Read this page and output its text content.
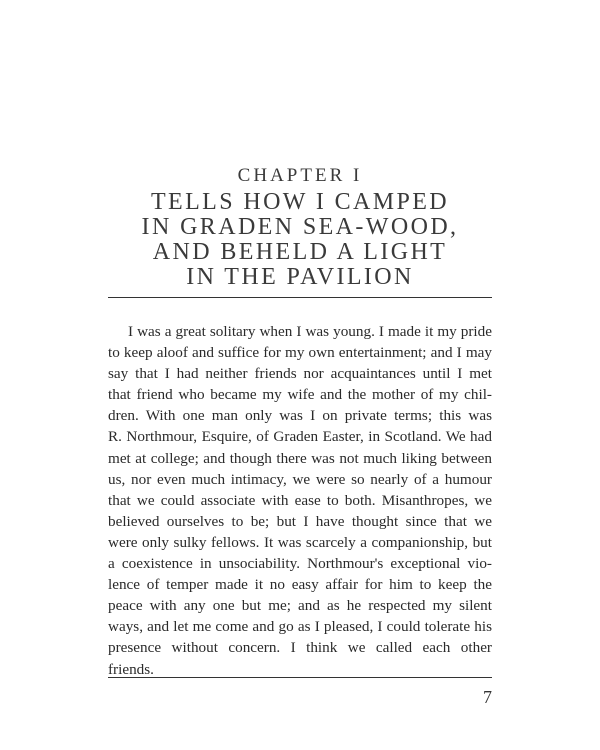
CHAPTER I
TELLS HOW I CAMPED
IN GRADEN SEA-WOOD,
AND BEHELD A LIGHT
IN THE PAVILION
I was a great solitary when I was young. I made it my pride
to keep aloof and suffice for my own entertainment; and I may
say that I had neither friends nor acquaintances until I met
that friend who became my wife and the mother of my chil-
dren. With one man only was I on private terms; this was
R. Northmour, Esquire, of Graden Easter, in Scotland. We had
met at college; and though there was not much liking between
us, nor even much intimacy, we were so nearly of a humour
that we could associate with ease to both. Misanthropes, we
believed ourselves to be; but I have thought since that we
were only sulky fellows. It was scarcely a companionship, but
a coexistence in unsociability. Northmour's exceptional vio-
lence of temper made it no easy affair for him to keep the
peace with any one but me; and as he respected my silent
ways, and let me come and go as I pleased, I could tolerate his
presence without concern. I think we called each other
friends.
7
